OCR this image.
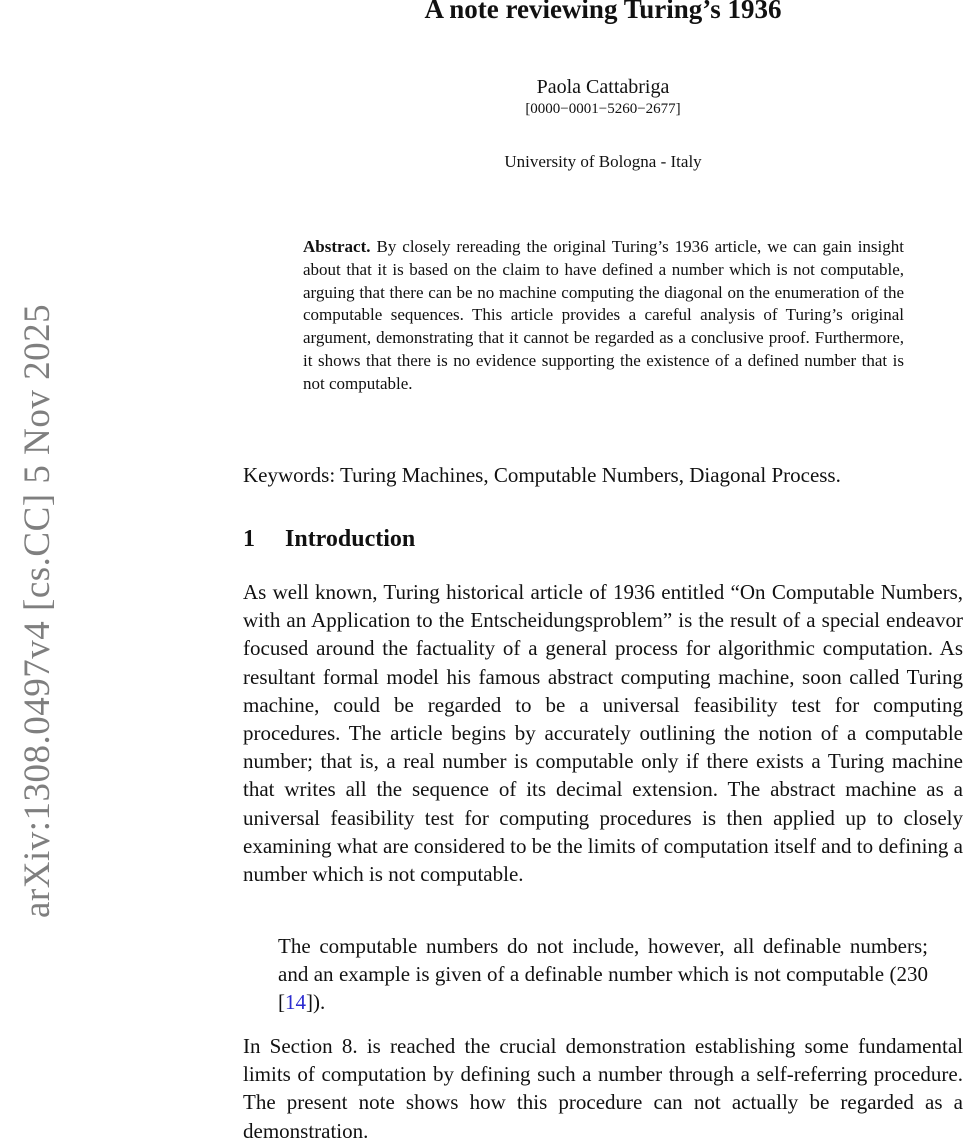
arXiv:1308.0497v4 [cs.CC] 5 Nov 2025
A note reviewing Turing’s 1936
Paola Cattabriga
[0000−0001−5260−2677]
University of Bologna - Italy

Abstract. By closely rereading the original Turing’s 1936 article, we can gain insight about that it is based on the claim to have defined a number which is not computable, arguing that there can be no machine computing the diagonal on the enumeration of the computable sequences. This article provides a careful analysis of Turing’s original argument, demonstrating that it cannot be regarded as a conclusive proof. Furthermore, it shows that there is no evidence supporting the existence of a defined number that is not computable.

Keywords: Turing Machines, Computable Numbers, Diagonal Process.
1 Introduction

As well known, Turing historical article of 1936 entitled “On Computable Numbers, with an Application to the Entscheidungsproblem” is the result of a special endeavor focused around the factuality of a general process for algorithmic computation. As resultant formal model his famous abstract computing machine, soon called Turing machine, could be regarded to be a universal feasibility test for computing procedures. The article begins by accurately outlining the notion of a computable number; that is, a real number is computable only if there exists a Turing machine that writes all the sequence of its decimal extension. The abstract machine as a universal feasibility test for computing procedures is then applied up to closely examining what are considered to be the limits of computation itself and to defining a number which is not computable.

The computable numbers do not include, however, all definable numbers; and an example is given of a definable number which is not computable (230 [14]).

In Section 8. is reached the crucial demonstration establishing some fundamental limits of computation by defining such a number through a self-referring procedure. The present note shows how this procedure can not actually be regarded as a demonstration.
